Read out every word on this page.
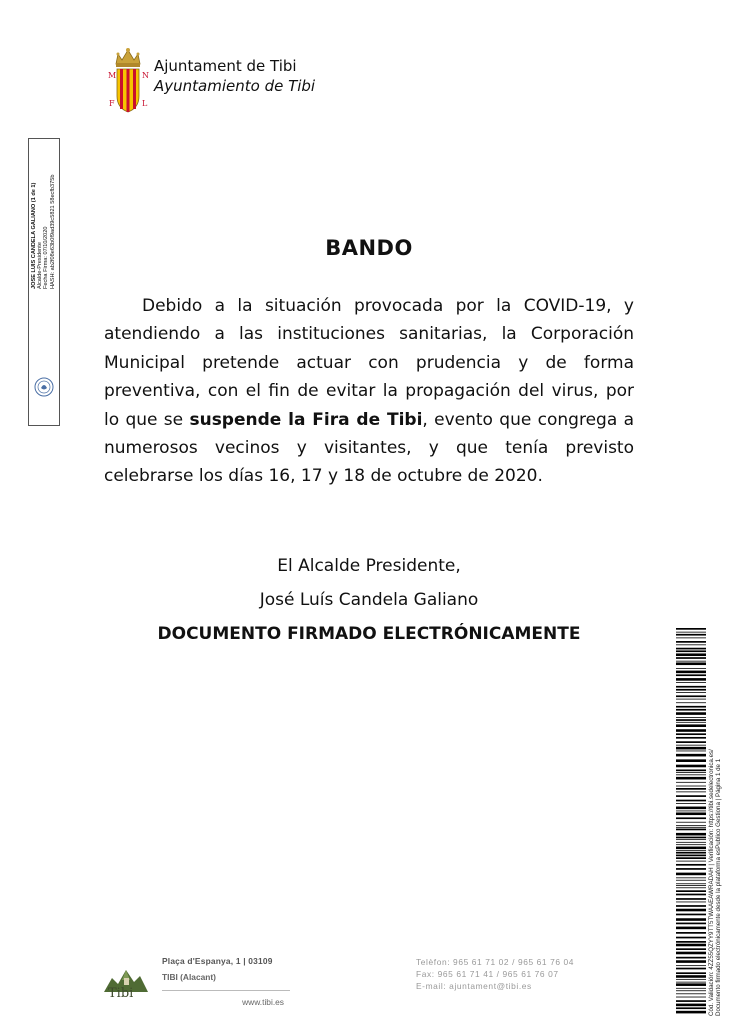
M	N
F	L
Ajuntament de Tibi
Ayuntamiento de Tibi
JOSE LUIS CANDELA GALIANO (1 de 1) Alcalde-Presidente Fecha Firma: 07/10/2020 HASH: ab2f08e63b0f9ad39c5821 58ecfb375b	BANDO
Debido a la situación provocada por la COVID-19, y atendiendo a las instituciones sanitarias, la Corporación Municipal pretende actuar con prudencia y de forma preventiva, con el fin de evitar la propagación del virus, por lo que se suspende la Fira de Tibi, evento que congrega a numerosos vecinos y visitantes, y que tenía previsto celebrarse los días 16, 17 y 18 de octubre de 2020.
El Alcalde Presidente,
José Luís Candela Galiano
DOCUMENTO FIRMADO ELECTRÓNICAMENTE
Cód. Validación: 4ZZ55QZYY9TT5TWAAEAWRADAH | Verificación: https://tibi.sedelectronica.es/ Documento firmado electrónicamente desde la plataforma esPublico Gestiona | Página 1 de 1
Tibi
Plaça d'Espanya, 1 | 03109
TIBI (Alacant)
www.tibi.es
Telèfon: 965 61 71 02 / 965 61 76 04
Fax: 965 61 71 41 / 965 61 76 07
E-mail: ajuntament@tibi.es
